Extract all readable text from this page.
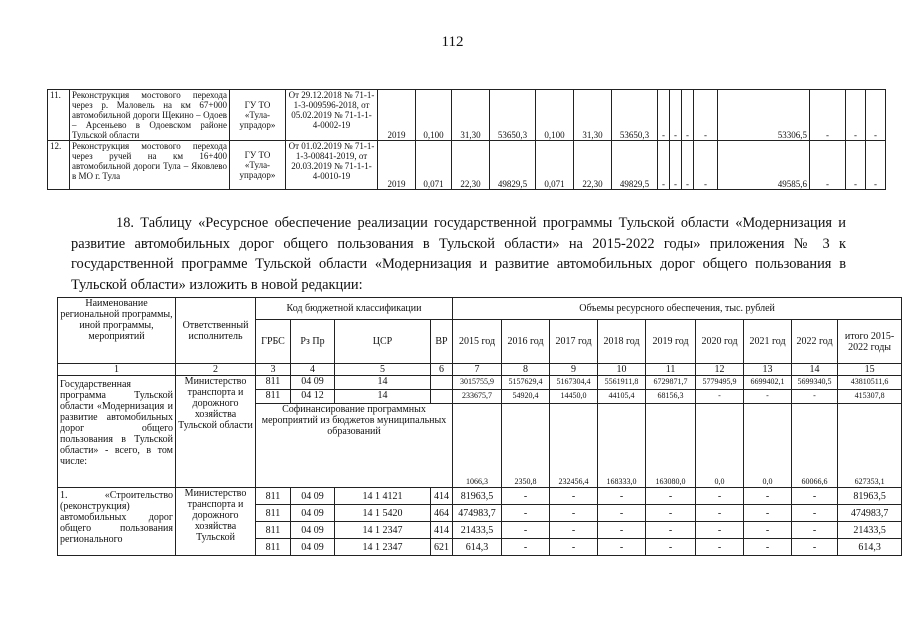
112
11.	Реконструкция мостового перехода через р. Маловель на км 67+000 автомобильной дороги Щекино – Одоев – Арсеньево в Одоевском районе Тульской области	ГУ ТО «Тула-упрадор»	От 29.12.2018 № 71-1-1-3-009596-2018, от 05.02.2019 № 71-1-1-4-0002-19	2019	0,100	31,30	53650,3	0,100	31,30	53650,3	-	-	-	-	53306,5	-	-	-
12.	Реконструкция мостового перехода через ручей на км 16+400 автомобильной дороги Тула – Яковлево в МО г. Тула	ГУ ТО «Тула-упрадор»	От 01.02.2019 № 71-1-1-3-00841-2019, от 20.03.2019 № 71-1-1-4-0010-19	2019	0,071	22,30	49829,5	0,071	22,30	49829,5	-	-	-	-	49585,6	-	-	-
18. Таблицу «Ресурсное обеспечение реализации государственной программы Тульской области «Модернизация и развитие автомобильных дорог общего пользования в Тульской области» на 2015-2022 годы» приложения № 3 к государственной программе Тульской области «Модернизация и развитие автомобильных дорог общего пользования в Тульской области» изложить в новой редакции:
Наименование региональной программы, иной программы, мероприятий	Ответственный исполнитель	Код бюджетной классификации				Объемы ресурсного обеспечения, тыс. рублей								
		ГРБС	Рз Пр	ЦСР	ВР	2015 год	2016 год	2017 год	2018 год	2019 год	2020 год	2021 год	2022 год	итого 2015-2022 годы
1	2	3	4	5	6	7	8	9	10	11	12	13	14	15
Государственная программа Тульской области «Модернизация и развитие автомобильных дорог общего пользования в Тульской области» - всего, в том числе:	Министерство транспорта и дорожного хозяйства Тульской области	811	04 09	14		3015755,9	5157629,4	5167304,4	5561911,8	6729871,7	5779495,9	6699402,1	5699340,5	43810511,6
		811	04 12	14		233675,7	54920,4	14450,0	44105,4	68156,3	-	-	-	415307,8
		Софинансирование программных мероприятий из бюджетов муниципальных образований				1066,3	2350,8	232456,4	168333,0	163080,0	0,0	0,0	60066,6	627353,1
1. «Строительство (реконструкция) автомобильных дорог общего пользования регионального	Министерство транспорта и дорожного хозяйства Тульской	811	04 09	14 1 4121	414	81963,5	-	-	-	-	-	-	-	81963,5
		811	04 09	14 1 5420	464	474983,7	-	-	-	-	-	-	-	474983,7
		811	04 09	14 1 2347	414	21433,5	-	-	-	-	-	-	-	21433,5
		811	04 09	14 1 2347	621	614,3	-	-	-	-	-	-	-	614,3
